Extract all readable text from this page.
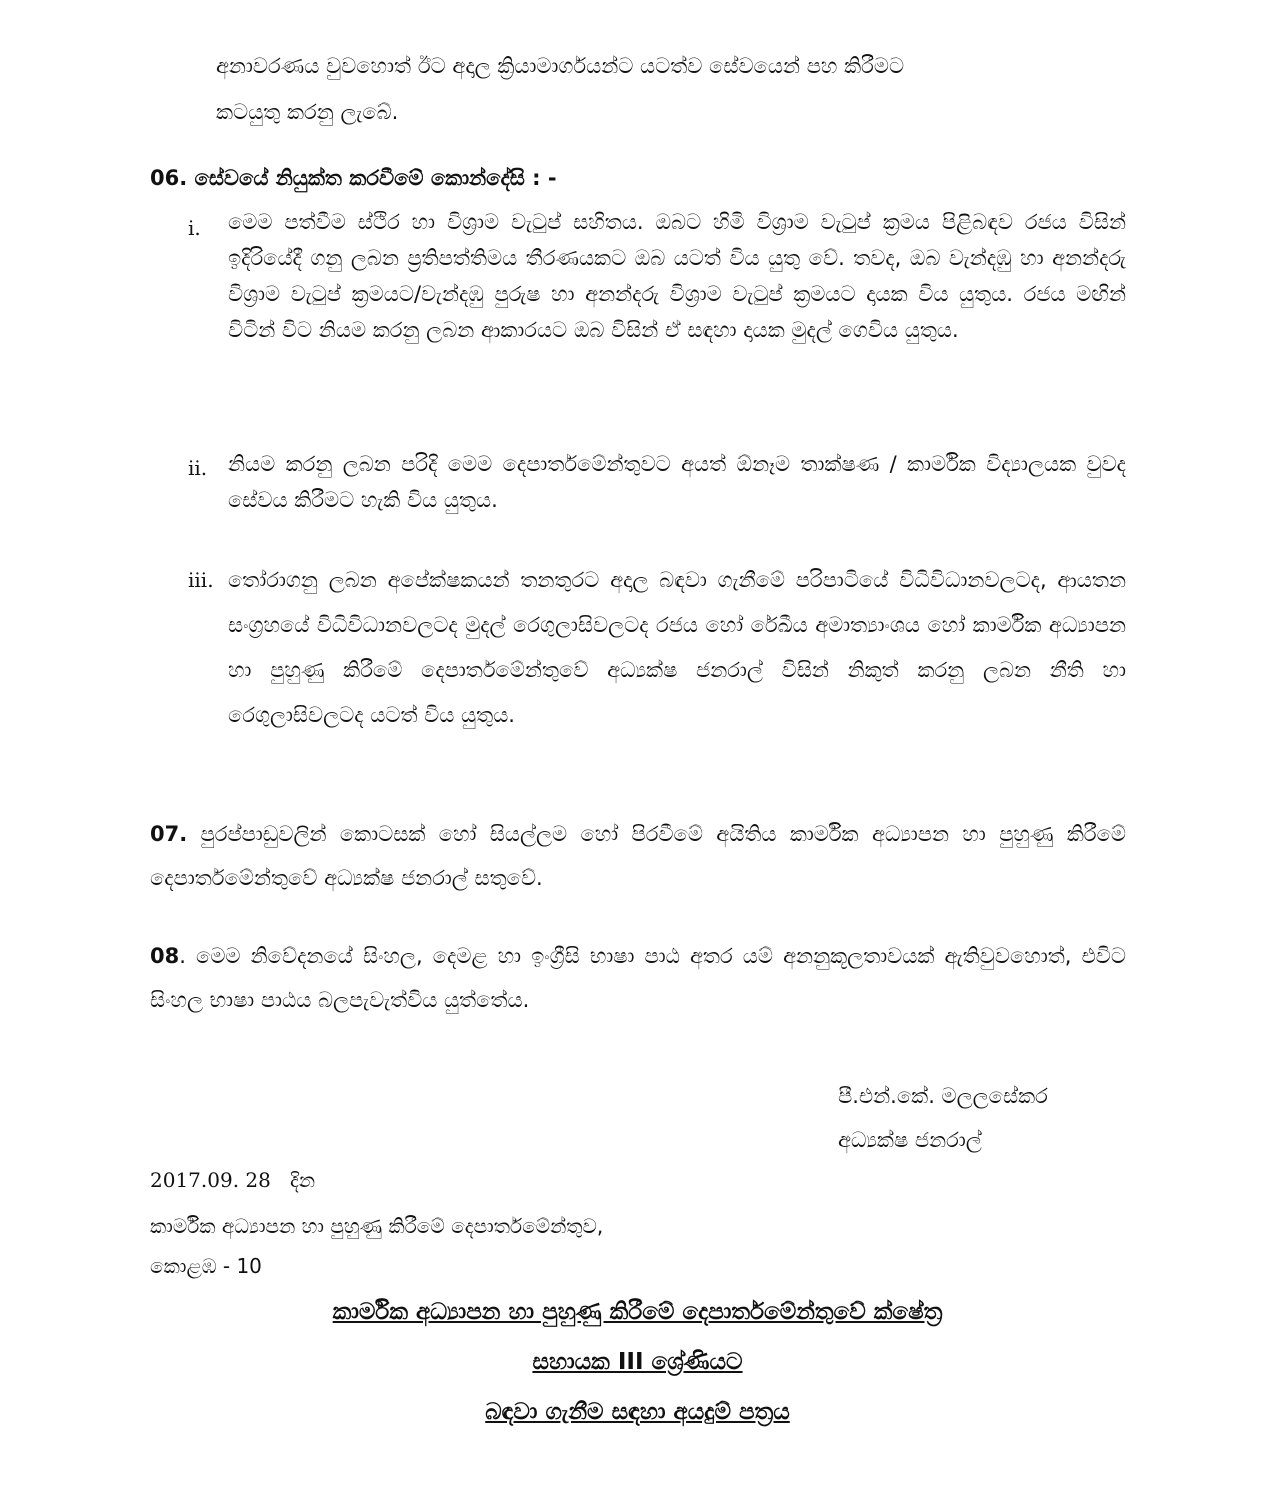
අනාවරණය වුවහොත් ඊට අදාල ක්‍රියාමාර්ගයන්ට යටත්ව සේවයෙන් පහ කිරීමට

කටයුතු කරනු ලැබේ.

06. සේවයේ නියුක්ත කරවීමේ කොන්දේසි : -

i. මෙම පත්වීම ස්ථිර හා විශ්‍රාම වැටුප් සහිතය. ඔබට හිමි විශ්‍රාම වැටුප් ක්‍රමය පිළිබඳව රජය විසින් ඉදිරියේදී ගනු ලබන ප්‍රතිපත්තිමය තීරණයකට ඔබ යටත් විය යුතු වේ. තවද, ඔබ වැන්දඹු හා අනන්දරු විශ්‍රාම වැටුප් ක්‍රමයට/වැන්දඹු පුරුෂ හා අනන්දරු විශ්‍රාම වැටුප් ක්‍රමයට දායක විය යුතුය. රජය මඟින් විටින් විට නියම කරනු ලබන ආකාරයට ඔබ විසින් ඒ සඳහා දායක මුදල් ගෙවිය යුතුය.

ii. නියම කරනු ලබන පරිදි මෙම දෙපාර්තමේන්තුවට අයත් ඕනෑම තාක්ෂණ / කාර්මික විද්‍යාලයක වුවද සේවය කිරීමට හැකි විය යුතුය.

iii. තෝරාගනු ලබන අපේක්ෂකයන් තනතුරට අදාල බඳවා ගැනීමේ පරිපාටියේ විධිවිධානවලටද, ආයතන සංග්‍රහයේ විධිවිධානවලටද මුදල් රෙගුලාසිවලටද රජය හෝ රේඛීය අමාත්‍යාංශය හෝ කාර්මික අධ්‍යාපන හා පුහුණු කිරීමේ දෙපාර්තමේන්තුවේ අධ්‍යක්ෂ ජනරාල් විසින් නිකුත් කරනු ලබන නීති හා රෙගුලාසිවලටද යටත් විය යුතුය.

07. පුරප්පාඩුවලින් කොටසක් හෝ සියල්ලම හෝ පිරවීමේ අයිතිය කාර්මික අධ්‍යාපන හා පුහුණු කිරීමේ දෙපාර්තමේන්තුවේ අධ්‍යක්ෂ ජනරාල් සතුවේ.

08. මෙම නිවේදනයේ සිංහල, දෙමළ හා ඉංග්‍රීසි භාෂා පාඨ අතර යම් අනනුකූලතාවයක් ඇතිවුවහොත්, එවිට සිංහල භාෂා පාඨය බලපැවැත්විය යුත්තේය.

පී.එන්.කේ. මලලසේකර
අධ්‍යක්ෂ ජනරාල්
2017.09. 28 දින
කාර්මික අධ්‍යාපන හා පුහුණු කිරීමේ දෙපාර්තමේන්තුව,
කොළඹ - 10
කාර්මික අධ්‍යාපන හා පුහුණු කිරීමේ දෙපාර්තමේන්තුවේ ක්ෂේත්‍ර
සහායක III ශ්‍රේණියට
බඳවා ගැනීම සඳහා අයදුම් පත්‍රය
